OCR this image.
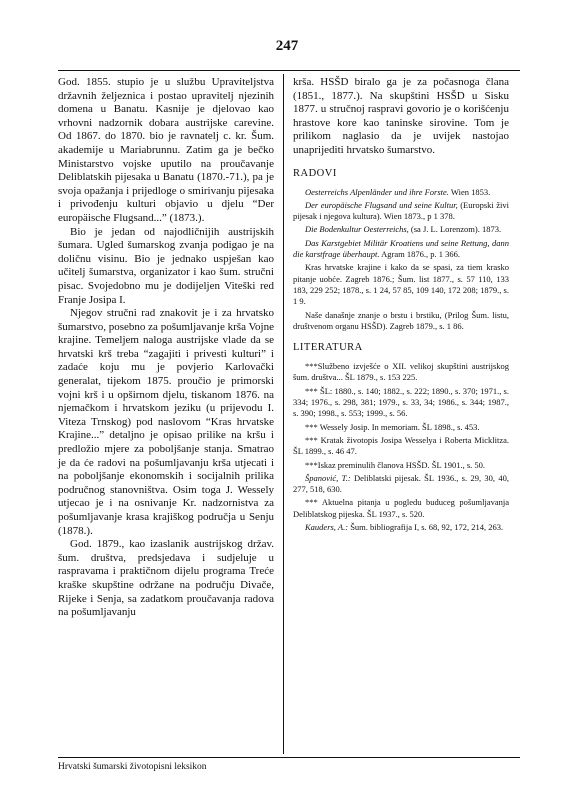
247

God. 1855. stupio je u službu Upraviteljstva državnih željeznica i postao upravitelj njezinih domena u Banatu. Kasnije je djelovao kao vrhovni nadzornik dobara austrijske carevine. Od 1867. do 1870. bio je ravnatelj c. kr. Šum. akademije u Mariabrunnu. Zatim ga je bečko Ministarstvo vojske uputilo na proučavanje Deliblatskih pijesaka u Banatu (1870.-71.), pa je svoja opažanja i prijedloge o smirivanju pijesaka i privođenju kulturi objavio u djelu “Der europäische Flugsand...” (1873.).

Bio je jedan od najodličnijih austrijskih šumara. Ugled šumarskog zvanja podigao je na doličnu visinu. Bio je jednako uspješan kao učitelj šumarstva, organizator i kao šum. stručni pisac. Svojedobno mu je dodijeljen Viteški red Franje Josipa I.

Njegov stručni rad znakovit je i za hrvatsko šumarstvo, posebno za pošumljavanje krša Vojne krajine. Temeljem naloga austrijske vlade da se hrvatski krš treba “zagajiti i privesti kulturi” i zadaće koju mu je povjerio Karlovački generalat, tijekom 1875. proučio je primorski vojni krš i u opširnom djelu, tiskanom 1876. na njemačkom i hrvatskom jeziku (u prijevodu I. Viteza Trnskog) pod naslovom “Kras hrvatske Krajine...” detaljno je opisao prilike na kršu i predložio mjere za poboljšanje stanja. Smatrao je da će radovi na pošumljavanju krša utjecati i na poboljšanje ekonomskih i socijalnih prilika područnog stanovništva. Osim toga J. Wessely utjecao je i na osnivanje Kr. nadzornistva za pošumljavanje krasa krajiškog područja u Senju (1878.).

God. 1879., kao izaslanik austrijskog držav. šum. društva, predsjedava i sudjeluje u raspravama i praktičnom dijelu programa Treće kraške skupštine održane na području Divače, Rijeke i Senja, sa zadatkom proučavanja radova na pošumljavanju

krša. HSŠD biralo ga je za počasnoga člana (1851., 1877.). Na skupštini HSŠD u Sisku 1877. u stručnoj raspravi govorio je o korišćenju hrastove kore kao taninske sirovine. Tom je prilikom naglasio da je uvijek nastojao unaprijediti hrvatsko šumarstvo.

RADOVI

Oesterreichs Alpenländer und ihre Forste. Wien 1853.

Der europäische Flugsand und seine Kultur, (Europski živi pijesak i njegova kultura). Wien 1873., p 1 378.

Die Bodenkultur Oesterreichs, (sa J. L. Lorenzom). 1873.

Das Karstgebiet Militär Kroatiens und seine Rettung, dann die karstfrage überhaupt. Agram 1876., p. 1 366.

Kras hrvatske krajine i kako da se spasi, za tiem krasko pitanje uobće. Zagreb 1876.; Šum. list 1877., s. 57 110, 133 183, 229 252; 1878., s. 1 24, 57 85, 109 140, 172 208; 1879., s. 1 9.

Naše današnje znanje o brstu i brstiku, (Prilog Šum. listu, društvenom organu HSŠD). Zagreb 1879., s. 1 86.

LITERATURA

***Službeno izvješće o XII. velikoj skupštini austrijskog šum. društva... ŠL 1879., s. 153 225.

*** ŠL: 1880., s. 140; 1882., s. 222; 1890., s. 370; 1971., s. 334; 1976., s. 298, 381; 1979., s. 33, 34; 1986., s. 344; 1987., s. 390; 1998., s. 553; 1999., s. 56.

*** Wessely Josip. In memoriam. ŠL 1898., s. 453.

*** Kratak životopis Josipa Wesselya i Roberta Micklitza. ŠL 1899., s. 46 47.

***Iskaz preminulih članova HSŠD. ŠL 1901., s. 50.

Španović, T.: Deliblatski pijesak. ŠL 1936., s. 29, 30, 40, 277, 518, 630.

*** Aktuelna pitanja u pogledu buduceg pošumljavanja Deliblatskog pijeska. ŠL 1937., s. 520.

Kauders, A.: Šum. bibliografija I, s. 68, 92, 172, 214, 263.

Hrvatski šumarski životopisni leksikon
